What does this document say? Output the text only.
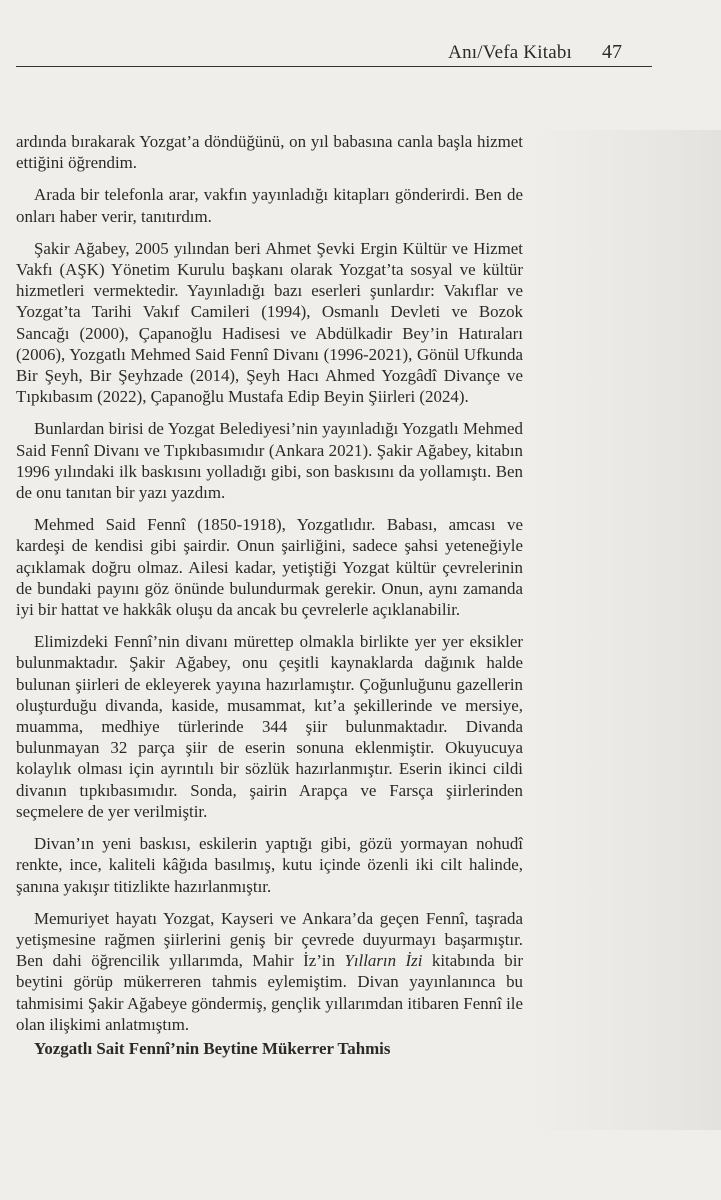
Anı/Vefa Kitabı 47

ardında bırakarak Yozgat’a döndüğünü, on yıl babasına canla başla hizmet ettiğini öğrendim.

Arada bir telefonla arar, vakfın yayınladığı kitapları gönderirdi. Ben de onları haber verir, tanıtırdım.

Şakir Ağabey, 2005 yılından beri Ahmet Şevki Ergin Kültür ve Hizmet Vakfı (AŞK) Yönetim Kurulu başkanı olarak Yozgat’ta sosyal ve kültür hizmetleri vermektedir. Yayınladığı bazı eserleri şunlardır: Vakıflar ve Yozgat’ta Tarihi Vakıf Camileri (1994), Osmanlı Devleti ve Bozok Sancağı (2000), Çapanoğlu Hadisesi ve Abdülkadir Bey’in Hatıraları (2006), Yozgatlı Mehmed Said Fennî Divanı (1996-2021), Gönül Ufkunda Bir Şeyh, Bir Şeyhzade (2014), Şeyh Hacı Ahmed Yozgâdî Divançe ve Tıpkıbasım (2022), Çapanoğlu Mustafa Edip Beyin Şiirleri (2024).

Bunlardan birisi de Yozgat Belediyesi’nin yayınladığı Yozgatlı Mehmed Said Fennî Divanı ve Tıpkıbasımıdır (Ankara 2021). Şakir Ağabey, kitabın 1996 yılındaki ilk baskısını yolladığı gibi, son baskısını da yollamıştı. Ben de onu tanıtan bir yazı yazdım.

Mehmed Said Fennî (1850-1918), Yozgatlıdır. Babası, amcası ve kardeşi de kendisi gibi şairdir. Onun şairliğini, sadece şahsi yeteneğiyle açıklamak doğru olmaz. Ailesi kadar, yetiştiği Yozgat kültür çevrelerinin de bundaki payını göz önünde bulundurmak gerekir. Onun, aynı zamanda iyi bir hattat ve hakkâk oluşu da ancak bu çevrelerle açıklanabilir.

Elimizdeki Fennî’nin divanı mürettep olmakla birlikte yer yer eksikler bulunmaktadır. Şakir Ağabey, onu çeşitli kaynaklarda dağınık halde bulunan şiirleri de ekleyerek yayına hazırlamıştır. Çoğunluğunu gazellerin oluşturduğu divanda, kaside, musammat, kıt’a şekillerinde ve mersiye, muamma, medhiye türlerinde 344 şiir bulunmaktadır. Divanda bulunmayan 32 parça şiir de eserin sonuna eklenmiştir. Okuyucuya kolaylık olması için ayrıntılı bir sözlük hazırlanmıştır. Eserin ikinci cildi divanın tıpkıbasımıdır. Sonda, şairin Arapça ve Farsça şiirlerinden seçmelere de yer verilmiştir.

Divan’ın yeni baskısı, eskilerin yaptığı gibi, gözü yormayan nohudî renkte, ince, kaliteli kâğıda basılmış, kutu içinde özenli iki cilt halinde, şanına yakışır titizlikte hazırlanmıştır.

Memuriyet hayatı Yozgat, Kayseri ve Ankara’da geçen Fennî, taşrada yetişmesine rağmen şiirlerini geniş bir çevrede duyurmayı başarmıştır. Ben dahi öğrencilik yıllarımda, Mahir İz’in Yılların İzi kitabında bir beytini görüp mükerreren tahmis eylemiştim. Divan yayınlanınca bu tahmisimi Şakir Ağabeye göndermiş, gençlik yıllarımdan itibaren Fennî ile olan ilişkimi anlatmıştım.

Yozgatlı Sait Fennî’nin Beytine Mükerrer Tahmis
